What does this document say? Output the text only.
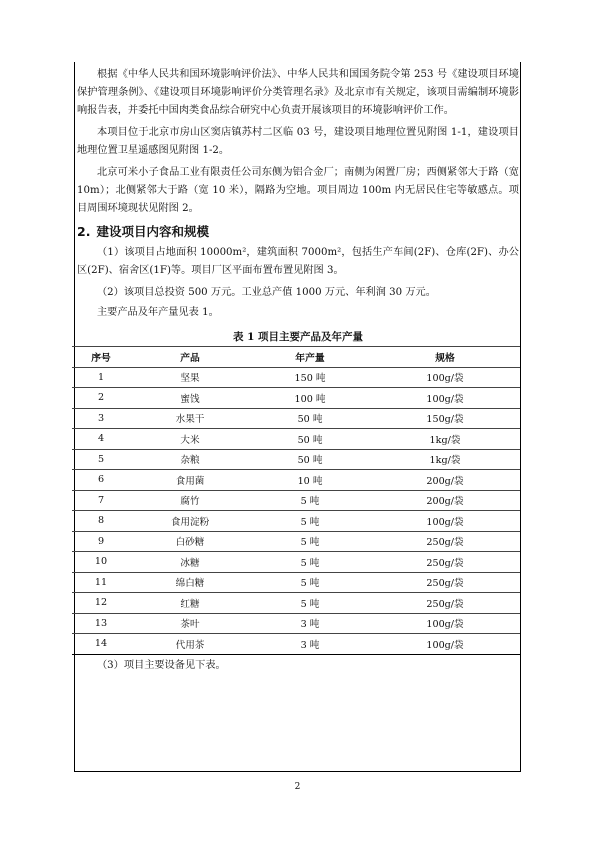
根据《中华人民共和国环境影响评价法》、中华人民共和国国务院令第 253 号《建设项目环境保护管理条例》、《建设项目环境影响评价分类管理名录》及北京市有关规定，该项目需编制环境影响报告表，并委托中国肉类食品综合研究中心负责开展该项目的环境影响评价工作。

本项目位于北京市房山区窦店镇苏村二区临 03 号，建设项目地理位置见附图 1-1，建设项目地理位置卫星遥感图见附图 1-2。

北京可米小子食品工业有限责任公司东侧为铝合金厂；南侧为闲置厂房；西侧紧邻大于路（宽 10m）；北侧紧邻大于路（宽 10 米），隔路为空地。项目周边 100m 内无居民住宅等敏感点。项目周围环境现状见附图 2。

2. 建设项目内容和规模

（1）该项目占地面积 10000m²，建筑面积 7000m²，包括生产车间(2F)、仓库(2F)、办公区(2F)、宿舍区(1F)等。项目厂区平面布置布置见附图 3。

（2）该项目总投资 500 万元。工业总产值 1000 万元、年利润 30 万元。

主要产品及年产量见表 1。

表 1 项目主要产品及年产量
序号	产品	年产量	规格
1	坚果	150 吨	100g/袋
2	蜜饯	100 吨	100g/袋
3	水果干	50 吨	150g/袋
4	大米	50 吨	1kg/袋
5	杂粮	50 吨	1kg/袋
6	食用菌	10 吨	200g/袋
7	腐竹	5 吨	200g/袋
8	食用淀粉	5 吨	100g/袋
9	白砂糖	5 吨	250g/袋
10	冰糖	5 吨	250g/袋
11	绵白糖	5 吨	250g/袋
12	红糖	5 吨	250g/袋
13	茶叶	3 吨	100g/袋
14	代用茶	3 吨	100g/袋
（3）项目主要设备见下表。
2
